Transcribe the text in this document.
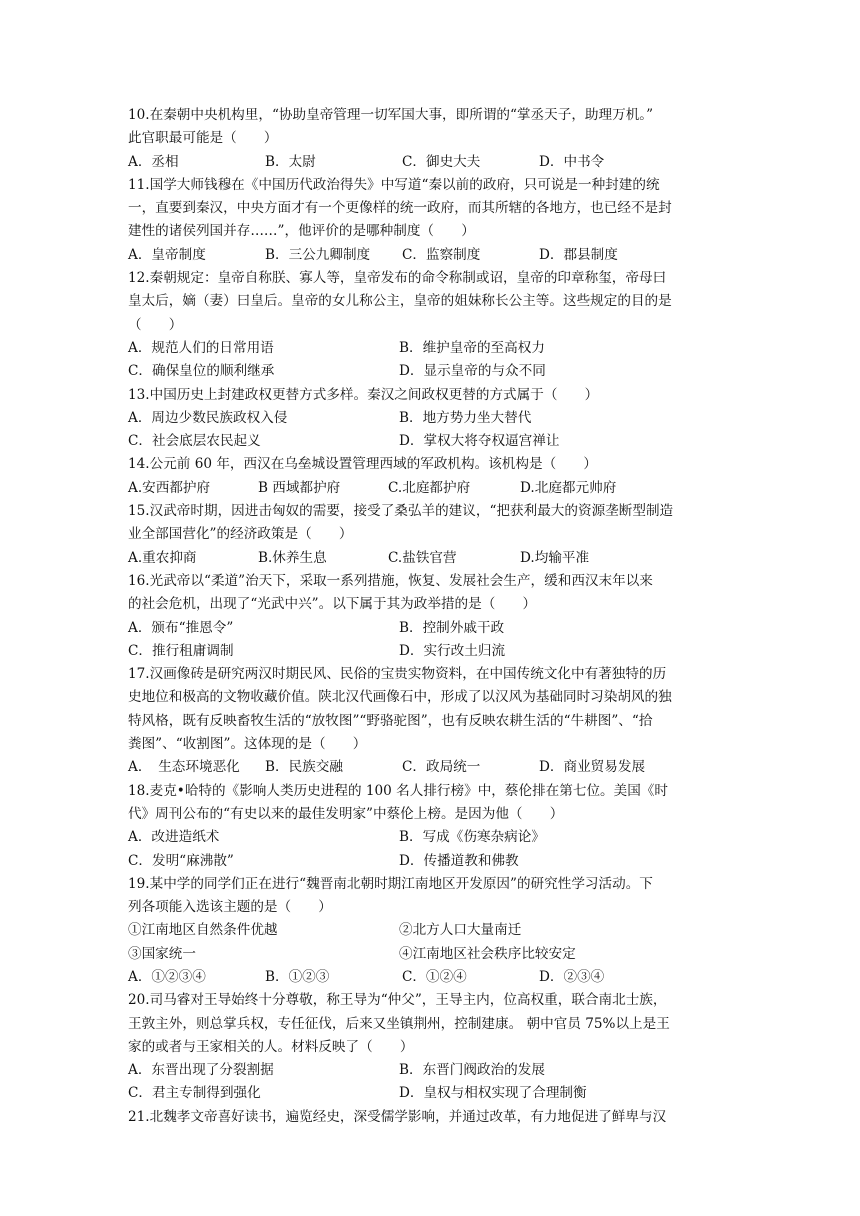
10.在秦朝中央机构里，“协助皇帝管理一切军国大事，即所谓的“掌丞天子，助理万机。”
此官职最可能是（　　）
A．丞相	B．太尉	C．御史大夫	D．中书令
11.国学大师钱穆在《中国历代政治得失》中写道“秦以前的政府，只可说是一种封建的统
一，直要到秦汉，中央方面才有一个更像样的统一政府，而其所辖的各地方，也已经不是封
建性的诸侯列国并存……”，他评价的是哪种制度（　　）
A．皇帝制度	B．三公九卿制度	C．监察制度	D．郡县制度
12.秦朝规定：皇帝自称朕、寡人等，皇帝发布的命令称制或诏，皇帝的印章称玺，帝母曰
皇太后，嫡（妻）曰皇后。皇帝的女儿称公主，皇帝的姐妹称长公主等。这些规定的目的是
（　　）
A．规范人们的日常用语	B．维护皇帝的至高权力
C．确保皇位的顺利继承	D．显示皇帝的与众不同
13.中国历史上封建政权更替方式多样。秦汉之间政权更替的方式属于（　　）
A．周边少数民族政权入侵	B．地方势力坐大替代
C．社会底层农民起义	D．掌权大将夺权逼宫禅让
14.公元前 60 年，西汉在乌垒城设置管理西域的军政机构。该机构是（　　）
A.安西都护府	B 西域都护府	C.北庭都护府	D.北庭都元帅府
15.汉武帝时期，因进击匈奴的需要，接受了桑弘羊的建议，“把获利最大的资源垄断型制造
业全部国营化”的经济政策是（　　）
A.重农抑商	B.休养生息	C.盐铁官营	D.均输平准
16.光武帝以“柔道”治天下，采取一系列措施，恢复、发展社会生产，缓和西汉末年以来
的社会危机，出现了“光武中兴”。以下属于其为政举措的是（　　）
A．颁布“推恩令”	B．控制外戚干政
C．推行租庸调制	D．实行改土归流
17.汉画像砖是研究两汉时期民风、民俗的宝贵实物资料，在中国传统文化中有著独特的历
史地位和极高的文物收藏价值。陕北汉代画像石中，形成了以汉风为基础同时习染胡风的独
特风格，既有反映畜牧生活的“放牧图”“野骆驼图”，也有反映农耕生活的“牛耕图”、“拾
粪图”、“收割图”。这体现的是（　　）
A．　生态环境恶化	B．民族交融	C．政局统一	D．商业贸易发展
18.麦克•哈特的《影响人类历史进程的 100 名人排行榜》中，蔡伦排在第七位。美国《时
代》周刊公布的“有史以来的最佳发明家”中蔡伦上榜。是因为他（　　）
A．改进造纸术	B．写成《伤寒杂病论》
C．发明“麻沸散”	D．传播道教和佛教
19.某中学的同学们正在进行“魏晋南北朝时期江南地区开发原因”的研究性学习活动。下
列各项能入选该主题的是（　　）
①江南地区自然条件优越	②北方人口大量南迁
③国家统一	④江南地区社会秩序比较安定
A．①②③④	B．①②③	C．①②④	D．②③④
20.司马睿对王导始终十分尊敬，称王导为“仲父”，王导主内，位高权重，联合南北士族，
王敦主外，则总掌兵权，专任征伐，后来又坐镇荆州，控制建康。 朝中官员 75%以上是王
家的或者与王家相关的人。材料反映了（　　）
A．东晋出现了分裂割据	B．东晋门阀政治的发展
C．君主专制得到强化	D．皇权与相权实现了合理制衡
21.北魏孝文帝喜好读书，遍览经史，深受儒学影响，并通过改革，有力地促进了鲜卑与汉
